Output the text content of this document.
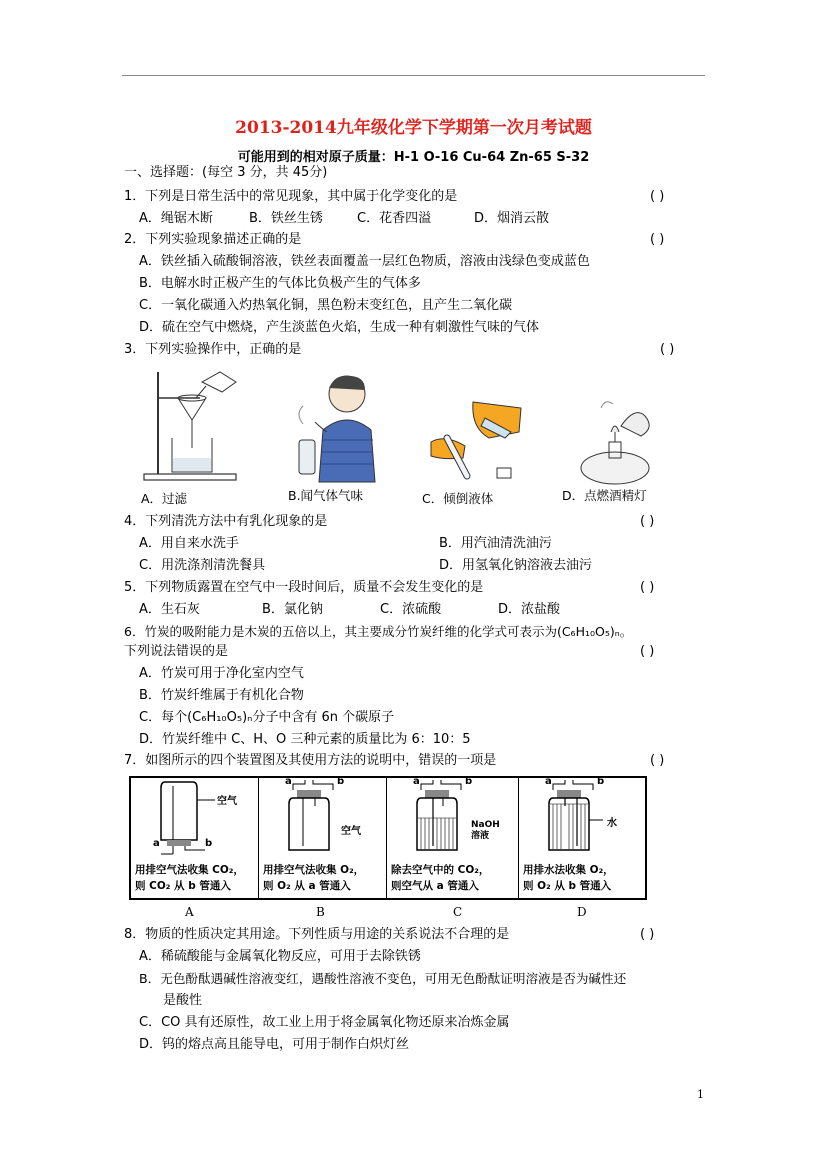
2013-2014九年级化学下学期第一次月考试题
可能用到的相对原子质量：H-1 O-16 Cu-64 Zn-65 S-32
一、选择题：(每空 3 分，共 45分)
1．下列是日常生活中的常见现象，其中属于化学变化的是	( )
A．绳锯木断	B．铁丝生锈	C．花香四溢	D．烟消云散
2．下列实验现象描述正确的是	( )
A．铁丝插入硫酸铜溶液，铁丝表面覆盖一层红色物质，溶液由浅绿色变成蓝色
B．电解水时正极产生的气体比负极产生的气体多
C．一氧化碳通入灼热氧化铜，黑色粉末变红色，且产生二氧化碳
D．硫在空气中燃烧，产生淡蓝色火焰，生成一种有刺激性气味的气体
3．下列实验操作中，正确的是	( )
A．过滤	B.闻气体气味	C．倾倒液体	D．点燃酒精灯
4．下列清洗方法中有乳化现象的是	( )
A．用自来水洗手	B．用汽油清洗油污
C．用洗涤剂清洗餐具	D．用氢氧化钠溶液去油污
5．下列物质露置在空气中一段时间后，质量不会发生变化的是	( )
A．生石灰	B．氯化钠	C．浓硫酸	D．浓盐酸
6．竹炭的吸附能力是木炭的五倍以上，其主要成分竹炭纤维的化学式可表示为(C₆H₁₀O₅)ₙ。
下列说法错误的是	( )
A．竹炭可用于净化室内空气
B．竹炭纤维属于有机化合物
C．每个(C₆H₁₀O₅)ₙ分子中含有 6n 个碳原子
D．竹炭纤维中 C、H、O 三种元素的质量比为 6：10：5
7．如图所示的四个装置图及其使用方法的说明中，错误的一项是	( )
空气
a	b
用排空气法收集 CO₂，
则 CO₂ 从 b 管通入
空气
a	b
用排空气法收集 O₂，
则 O₂ 从 a 管通入
NaOH
溶液
a	b
除去空气中的 CO₂，
则空气从 a 管通入
水
a	b
用排水法收集 O₂，
则 O₂ 从 b 管通入
A	B	C	D
8．物质的性质决定其用途。下列性质与用途的关系说法不合理的是	( )
A．稀硫酸能与金属氧化物反应，可用于去除铁锈
B．无色酚酞遇碱性溶液变红，遇酸性溶液不变色，可用无色酚酞证明溶液是否为碱性还
是酸性
C．CO 具有还原性，故工业上用于将金属氧化物还原来冶炼金属
D．钨的熔点高且能导电，可用于制作白炽灯丝
1
